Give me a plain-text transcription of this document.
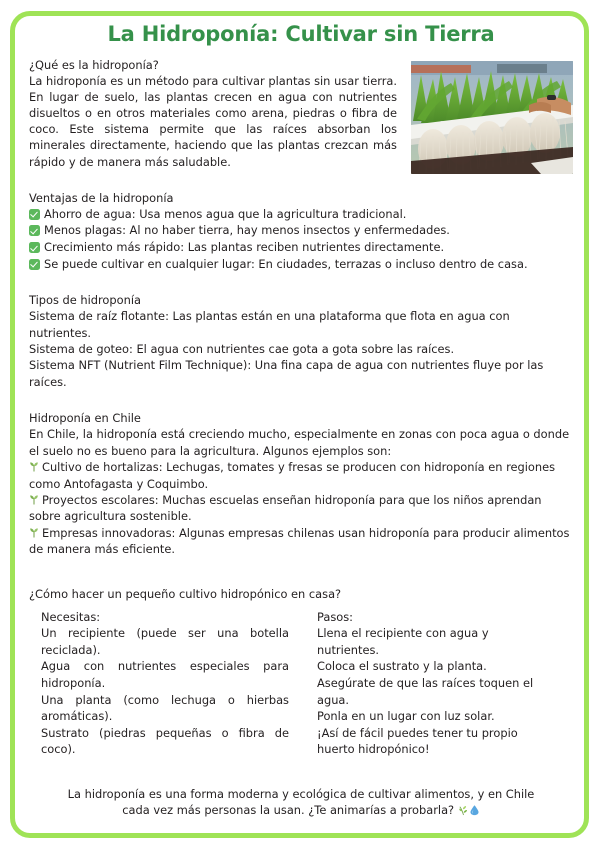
La Hidroponía: Cultivar sin Tierra

¿Qué es la hidroponía?

La hidroponía es un método para cultivar plantas sin usar tierra. En lugar de suelo, las plantas crecen en agua con nutrientes disueltos o en otros materiales como arena, piedras o fibra de coco. Este sistema permite que las raíces absorban los minerales directamente, haciendo que las plantas crezcan más rápido y de manera más saludable.

Ventajas de la hidroponía
Ahorro de agua: Usa menos agua que la agricultura tradicional.
Menos plagas: Al no haber tierra, hay menos insectos y enfermedades.
Crecimiento más rápido: Las plantas reciben nutrientes directamente.
Se puede cultivar en cualquier lugar: En ciudades, terrazas o incluso dentro de casa.
Tipos de hidroponía
Sistema de raíz flotante: Las plantas están en una plataforma que flota en agua con nutrientes.
Sistema de goteo: El agua con nutrientes cae gota a gota sobre las raíces.
Sistema NFT (Nutrient Film Technique): Una fina capa de agua con nutrientes fluye por las raíces.
Hidroponía en Chile

En Chile, la hidroponía está creciendo mucho, especialmente en zonas con poca agua o donde el suelo no es bueno para la agricultura. Algunos ejemplos son:

Cultivo de hortalizas: Lechugas, tomates y fresas se producen con hidroponía en regiones como Antofagasta y Coquimbo.
Proyectos escolares: Muchas escuelas enseñan hidroponía para que los niños aprendan sobre agricultura sostenible.
Empresas innovadoras: Algunas empresas chilenas usan hidroponía para producir alimentos de manera más eficiente.

¿Cómo hacer un pequeño cultivo hidropónico en casa?

Necesitas:

Un recipiente (puede ser una botella reciclada).

Agua con nutrientes especiales para hidroponía.

Una planta (como lechuga o hierbas aromáticas).

Sustrato (piedras pequeñas o fibra de coco).

Pasos:

Llena el recipiente con agua y nutrientes.

Coloca el sustrato y la planta.

Asegúrate de que las raíces toquen el agua.

Ponla en un lugar con luz solar.

¡Así de fácil puedes tener tu propio huerto hidropónico!

La hidroponía es una forma moderna y ecológica de cultivar alimentos, y en Chile cada vez más personas la usan. ¿Te animarías a probarla?
